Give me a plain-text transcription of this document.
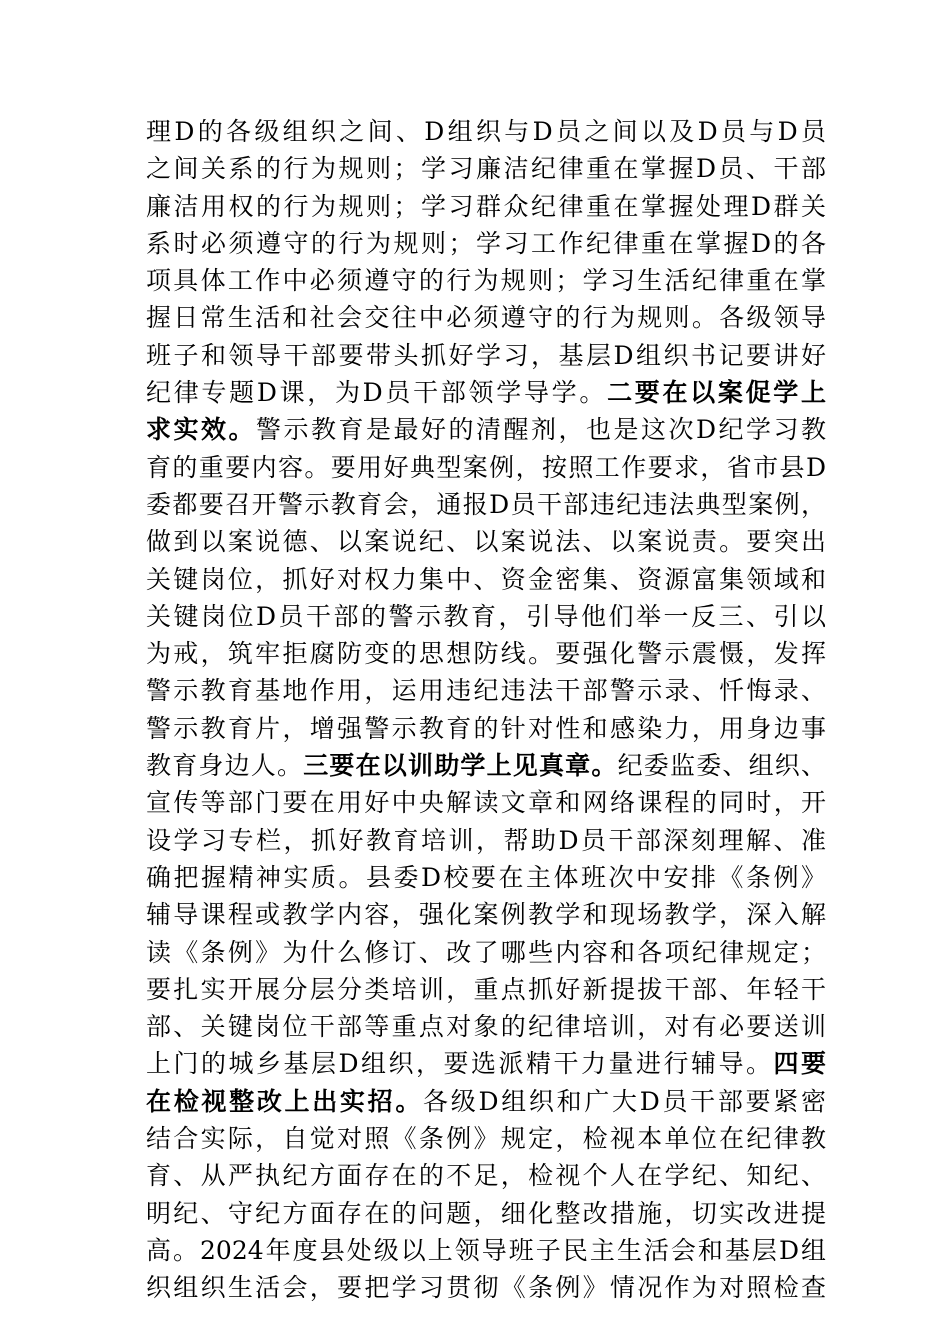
理D的各级组织之间、D组织与D员之间以及D员与D员
之间关系的行为规则；学习廉洁纪律重在掌握D员、干部
廉洁用权的行为规则；学习群众纪律重在掌握处理D群关
系时必须遵守的行为规则；学习工作纪律重在掌握D的各
项具体工作中必须遵守的行为规则；学习生活纪律重在掌
握日常生活和社会交往中必须遵守的行为规则。各级领导
班子和领导干部要带头抓好学习，基层D组织书记要讲好
纪律专题D课，为D员干部领学导学。二要在以案促学上
求实效。警示教育是最好的清醒剂，也是这次D纪学习教
育的重要内容。要用好典型案例，按照工作要求，省市县D
委都要召开警示教育会，通报D员干部违纪违法典型案例，
做到以案说德、以案说纪、以案说法、以案说责。要突出
关键岗位，抓好对权力集中、资金密集、资源富集领域和
关键岗位D员干部的警示教育，引导他们举一反三、引以
为戒，筑牢拒腐防变的思想防线。要强化警示震慑，发挥
警示教育基地作用，运用违纪违法干部警示录、忏悔录、
警示教育片，增强警示教育的针对性和感染力，用身边事
教育身边人。三要在以训助学上见真章。纪委监委、组织、
宣传等部门要在用好中央解读文章和网络课程的同时，开
设学习专栏，抓好教育培训，帮助D员干部深刻理解、准
确把握精神实质。县委D校要在主体班次中安排《条例》
辅导课程或教学内容，强化案例教学和现场教学，深入解
读《条例》为什么修订、改了哪些内容和各项纪律规定；
要扎实开展分层分类培训，重点抓好新提拔干部、年轻干
部、关键岗位干部等重点对象的纪律培训，对有必要送训
上门的城乡基层D组织，要选派精干力量进行辅导。四要
在检视整改上出实招。各级D组织和广大D员干部要紧密
结合实际，自觉对照《条例》规定，检视本单位在纪律教
育、从严执纪方面存在的不足，检视个人在学纪、知纪、
明纪、守纪方面存在的问题，细化整改措施，切实改进提
高。2024年度县处级以上领导班子民主生活会和基层D组
织组织生活会，要把学习贯彻《条例》情况作为对照检查
